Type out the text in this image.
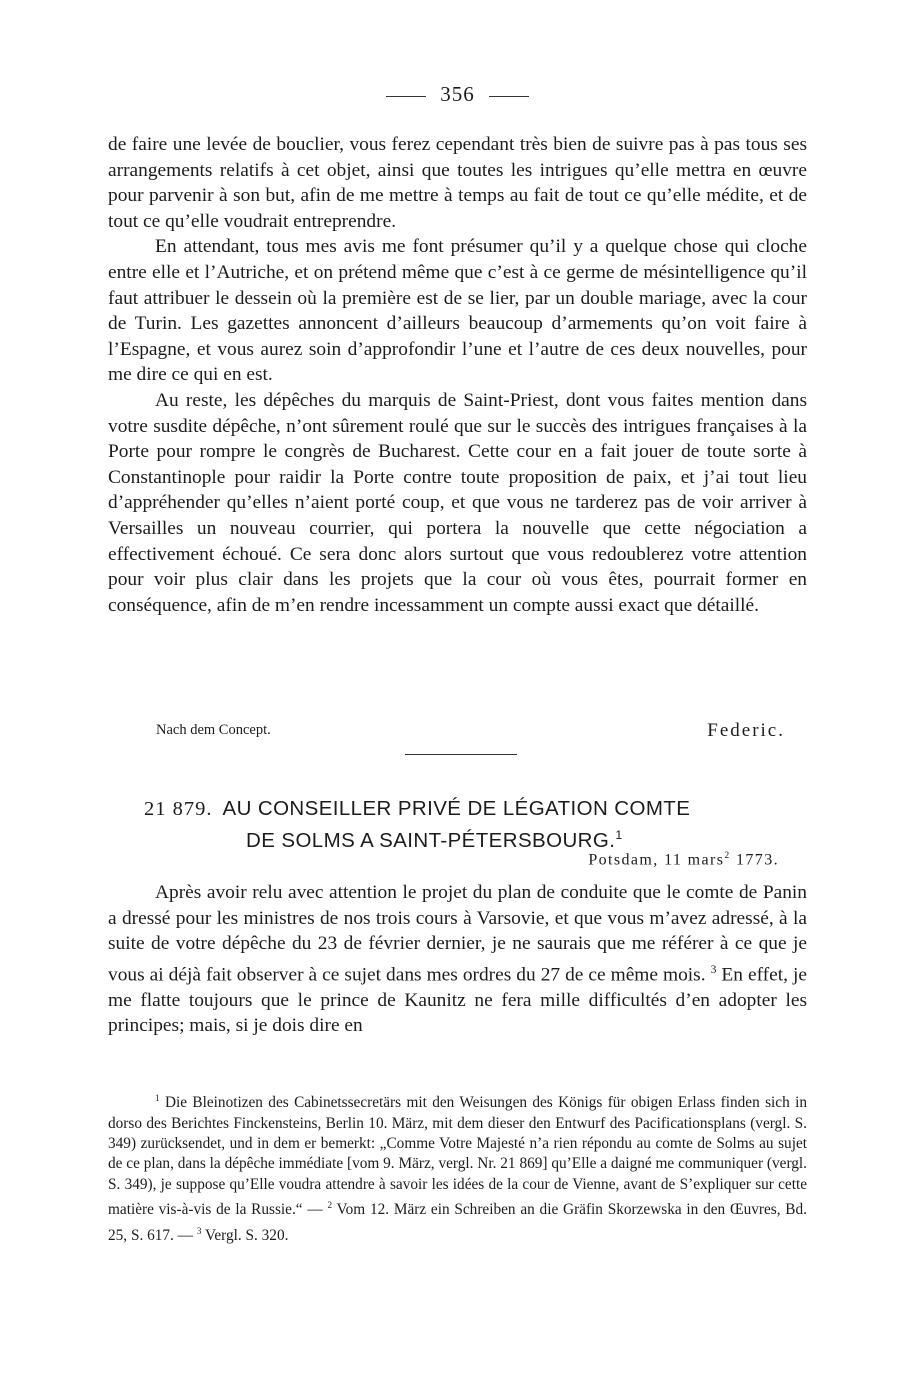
356

de faire une levée de bouclier, vous ferez cependant très bien de suivre pas à pas tous ses arrangements relatifs à cet objet, ainsi que toutes les intrigues qu’elle mettra en œuvre pour parvenir à son but, afin de me mettre à temps au fait de tout ce qu’elle médite, et de tout ce qu’elle voudrait entreprendre.

En attendant, tous mes avis me font présumer qu’il y a quelque chose qui cloche entre elle et l’Autriche, et on prétend même que c’est à ce germe de mésintelligence qu’il faut attribuer le dessein où la première est de se lier, par un double mariage, avec la cour de Turin. Les gazettes annoncent d’ailleurs beaucoup d’armements qu’on voit faire à l’Espagne, et vous aurez soin d’approfondir l’une et l’autre de ces deux nouvelles, pour me dire ce qui en est.

Au reste, les dépêches du marquis de Saint-Priest, dont vous faites mention dans votre susdite dépêche, n’ont sûrement roulé que sur le succès des intrigues françaises à la Porte pour rompre le congrès de Bucharest. Cette cour en a fait jouer de toute sorte à Constantinople pour raidir la Porte contre toute proposition de paix, et j’ai tout lieu d’appréhender qu’elles n’aient porté coup, et que vous ne tarderez pas de voir arriver à Versailles un nouveau courrier, qui portera la nouvelle que cette négociation a effectivement échoué. Ce sera donc alors surtout que vous redoublerez votre attention pour voir plus clair dans les projets que la cour où vous êtes, pourrait former en conséquence, afin de m’en rendre incessamment un compte aussi exact que détaillé.

Nach dem Concept.	Federic.
21 879. AU CONSEILLER PRIVÉ DE LÉGATION COMTE
DE SOLMS A SAINT-PÉTERSBOURG.$^1$
Potsdam, 11 mars$^2$ 1773.

Après avoir relu avec attention le projet du plan de conduite que le comte de Panin a dressé pour les ministres de nos trois cours à Varsovie, et que vous m’avez adressé, à la suite de votre dépêche du 23 de février dernier, je ne saurais que me référer à ce que je vous ai déjà fait observer à ce sujet dans mes ordres du 27 de ce même mois. $^3$ En effet, je me flatte toujours que le prince de Kaunitz ne fera mille difficultés d’en adopter les principes; mais, si je dois dire en

$^1$ Die Bleinotizen des Cabinetssecretärs mit den Weisungen des Königs für obigen Erlass finden sich in dorso des Berichtes Finckensteins, Berlin 10. März, mit dem dieser den Entwurf des Pacificationsplans (vergl. S. 349) zurücksendet, und in dem er bemerkt: „Comme Votre Majesté n’a rien répondu au comte de Solms au sujet de ce plan, dans la dépêche immédiate [vom 9. März, vergl. Nr. 21 869] qu’Elle a daigné me communiquer (vergl. S. 349), je suppose qu’Elle voudra attendre à savoir les idées de la cour de Vienne, avant de S’expliquer sur cette matière vis-à-vis de la Russie.“ — $^2$ Vom 12. März ein Schreiben an die Gräfin Skorzewska in den Œuvres, Bd. 25, S. 617. — $^3$ Vergl. S. 320.
